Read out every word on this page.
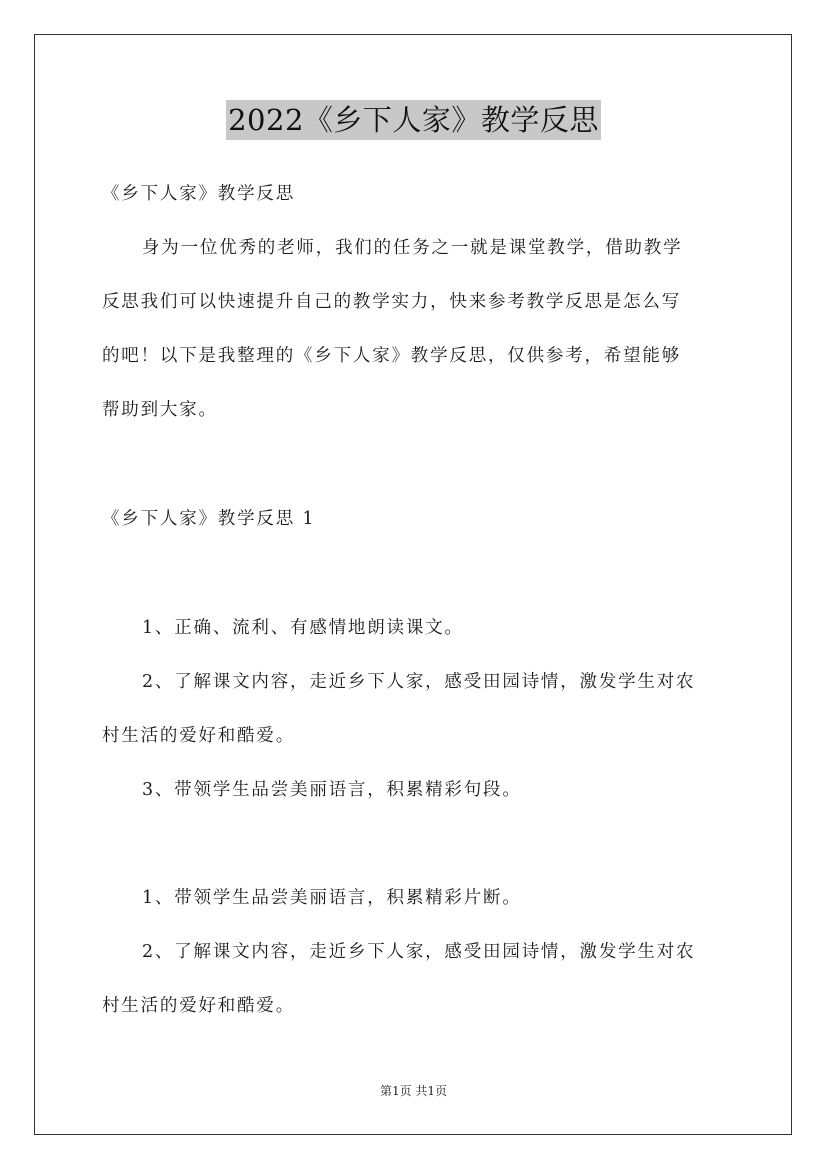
2022《乡下人家》教学反思
《乡下人家》教学反思
身为一位优秀的老师，我们的任务之一就是课堂教学，借助教学
反思我们可以快速提升自己的教学实力，快来参考教学反思是怎么写
的吧！以下是我整理的《乡下人家》教学反思，仅供参考，希望能够
帮助到大家。
《乡下人家》教学反思 1
1、正确、流利、有感情地朗读课文。
2、了解课文内容，走近乡下人家，感受田园诗情，激发学生对农
村生活的爱好和酷爱。
3、带领学生品尝美丽语言，积累精彩句段。
1、带领学生品尝美丽语言，积累精彩片断。
2、了解课文内容，走近乡下人家，感受田园诗情，激发学生对农
村生活的爱好和酷爱。
第1页 共1页
